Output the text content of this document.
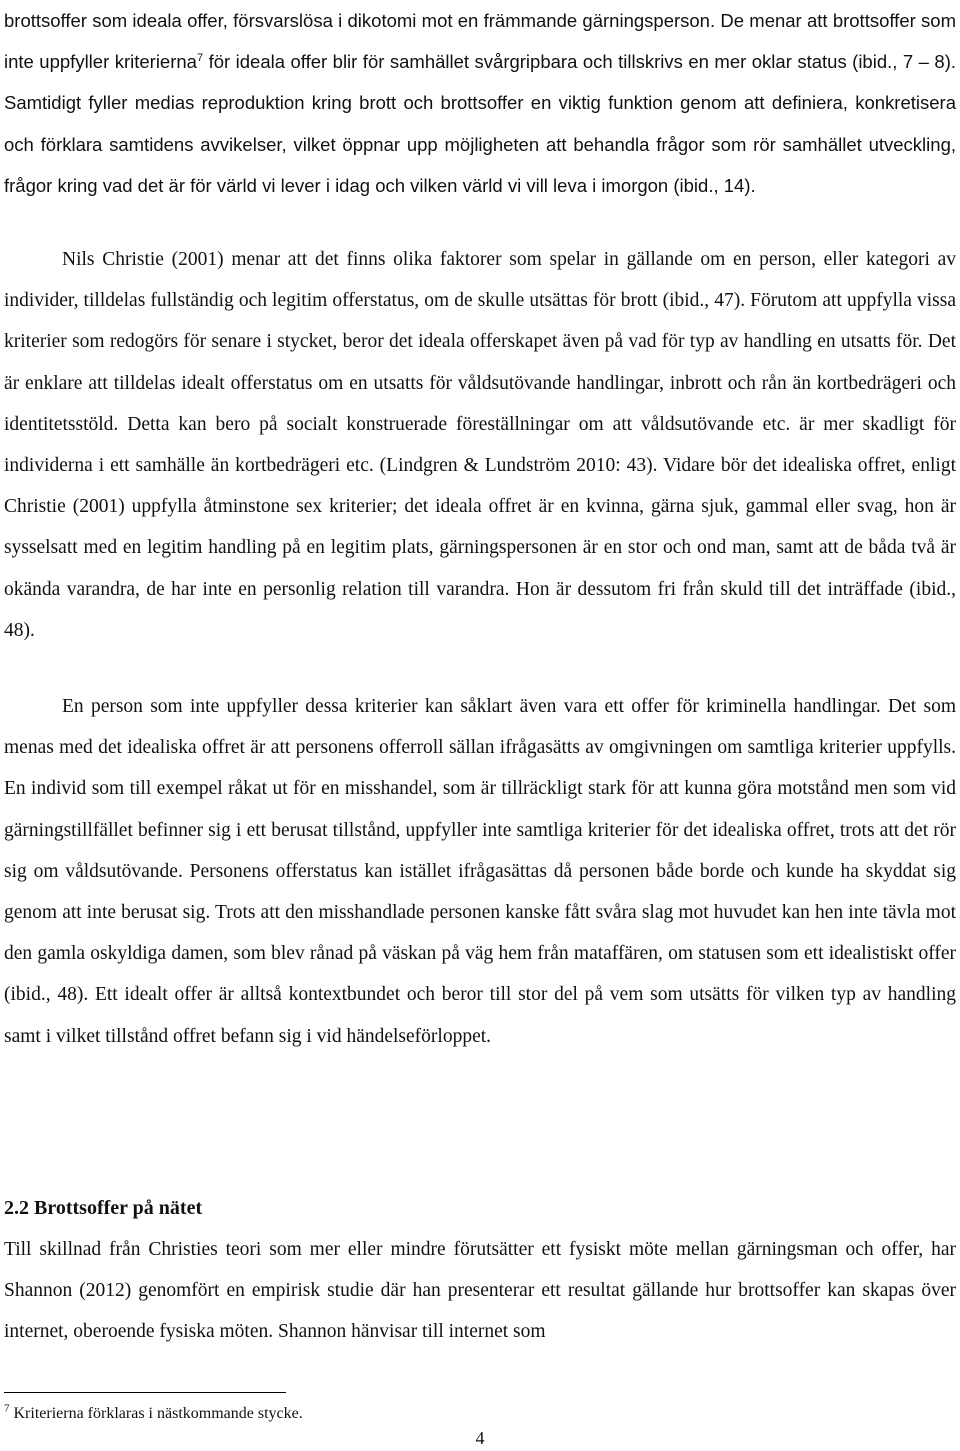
brottsoffer som ideala offer, försvarslösa i dikotomi mot en främmande gärningsperson. De menar att brottsoffer som inte uppfyller kriterierna$^7$ för ideala offer blir för samhället svårgripbara och tillskrivs en mer oklar status (ibid., 7 – 8). Samtidigt fyller medias reproduktion kring brott och brottsoffer en viktig funktion genom att definiera, konkretisera och förklara samtidens avvikelser, vilket öppnar upp möjligheten att behandla frågor som rör samhället utveckling, frågor kring vad det är för värld vi lever i idag och vilken värld vi vill leva i imorgon (ibid., 14).

Nils Christie (2001) menar att det finns olika faktorer som spelar in gällande om en person, eller kategori av individer, tilldelas fullständig och legitim offerstatus, om de skulle utsättas för brott (ibid., 47). Förutom att uppfylla vissa kriterier som redogörs för senare i stycket, beror det ideala offerskapet även på vad för typ av handling en utsatts för. Det är enklare att tilldelas idealt offerstatus om en utsatts för våldsutövande handlingar, inbrott och rån än kortbedrägeri och identitetsstöld. Detta kan bero på socialt konstruerade föreställningar om att våldsutövande etc. är mer skadligt för individerna i ett samhälle än kortbedrägeri etc. (Lindgren & Lundström 2010: 43). Vidare bör det idealiska offret, enligt Christie (2001) uppfylla åtminstone sex kriterier; det ideala offret är en kvinna, gärna sjuk, gammal eller svag, hon är sysselsatt med en legitim handling på en legitim plats, gärningspersonen är en stor och ond man, samt att de båda två är okända varandra, de har inte en personlig relation till varandra. Hon är dessutom fri från skuld till det inträffade (ibid., 48).

En person som inte uppfyller dessa kriterier kan såklart även vara ett offer för kriminella handlingar. Det som menas med det idealiska offret är att personens offerroll sällan ifrågasätts av omgivningen om samtliga kriterier uppfylls. En individ som till exempel råkat ut för en misshandel, som är tillräckligt stark för att kunna göra motstånd men som vid gärningstillfället befinner sig i ett berusat tillstånd, uppfyller inte samtliga kriterier för det idealiska offret, trots att det rör sig om våldsutövande. Personens offerstatus kan istället ifrågasättas då personen både borde och kunde ha skyddat sig genom att inte berusat sig. Trots att den misshandlade personen kanske fått svåra slag mot huvudet kan hen inte tävla mot den gamla oskyldiga damen, som blev rånad på väskan på väg hem från mataffären, om statusen som ett idealistiskt offer (ibid., 48). Ett idealt offer är alltså kontextbundet och beror till stor del på vem som utsätts för vilken typ av handling samt i vilket tillstånd offret befann sig i vid händelseförloppet.

2.2 Brottsoffer på nätet

Till skillnad från Christies teori som mer eller mindre förutsätter ett fysiskt möte mellan gärningsman och offer, har Shannon (2012) genomfört en empirisk studie där han presenterar ett resultat gällande hur brottsoffer kan skapas över internet, oberoende fysiska möten. Shannon hänvisar till internet som

$^7$ Kriterierna förklaras i nästkommande stycke.

4
